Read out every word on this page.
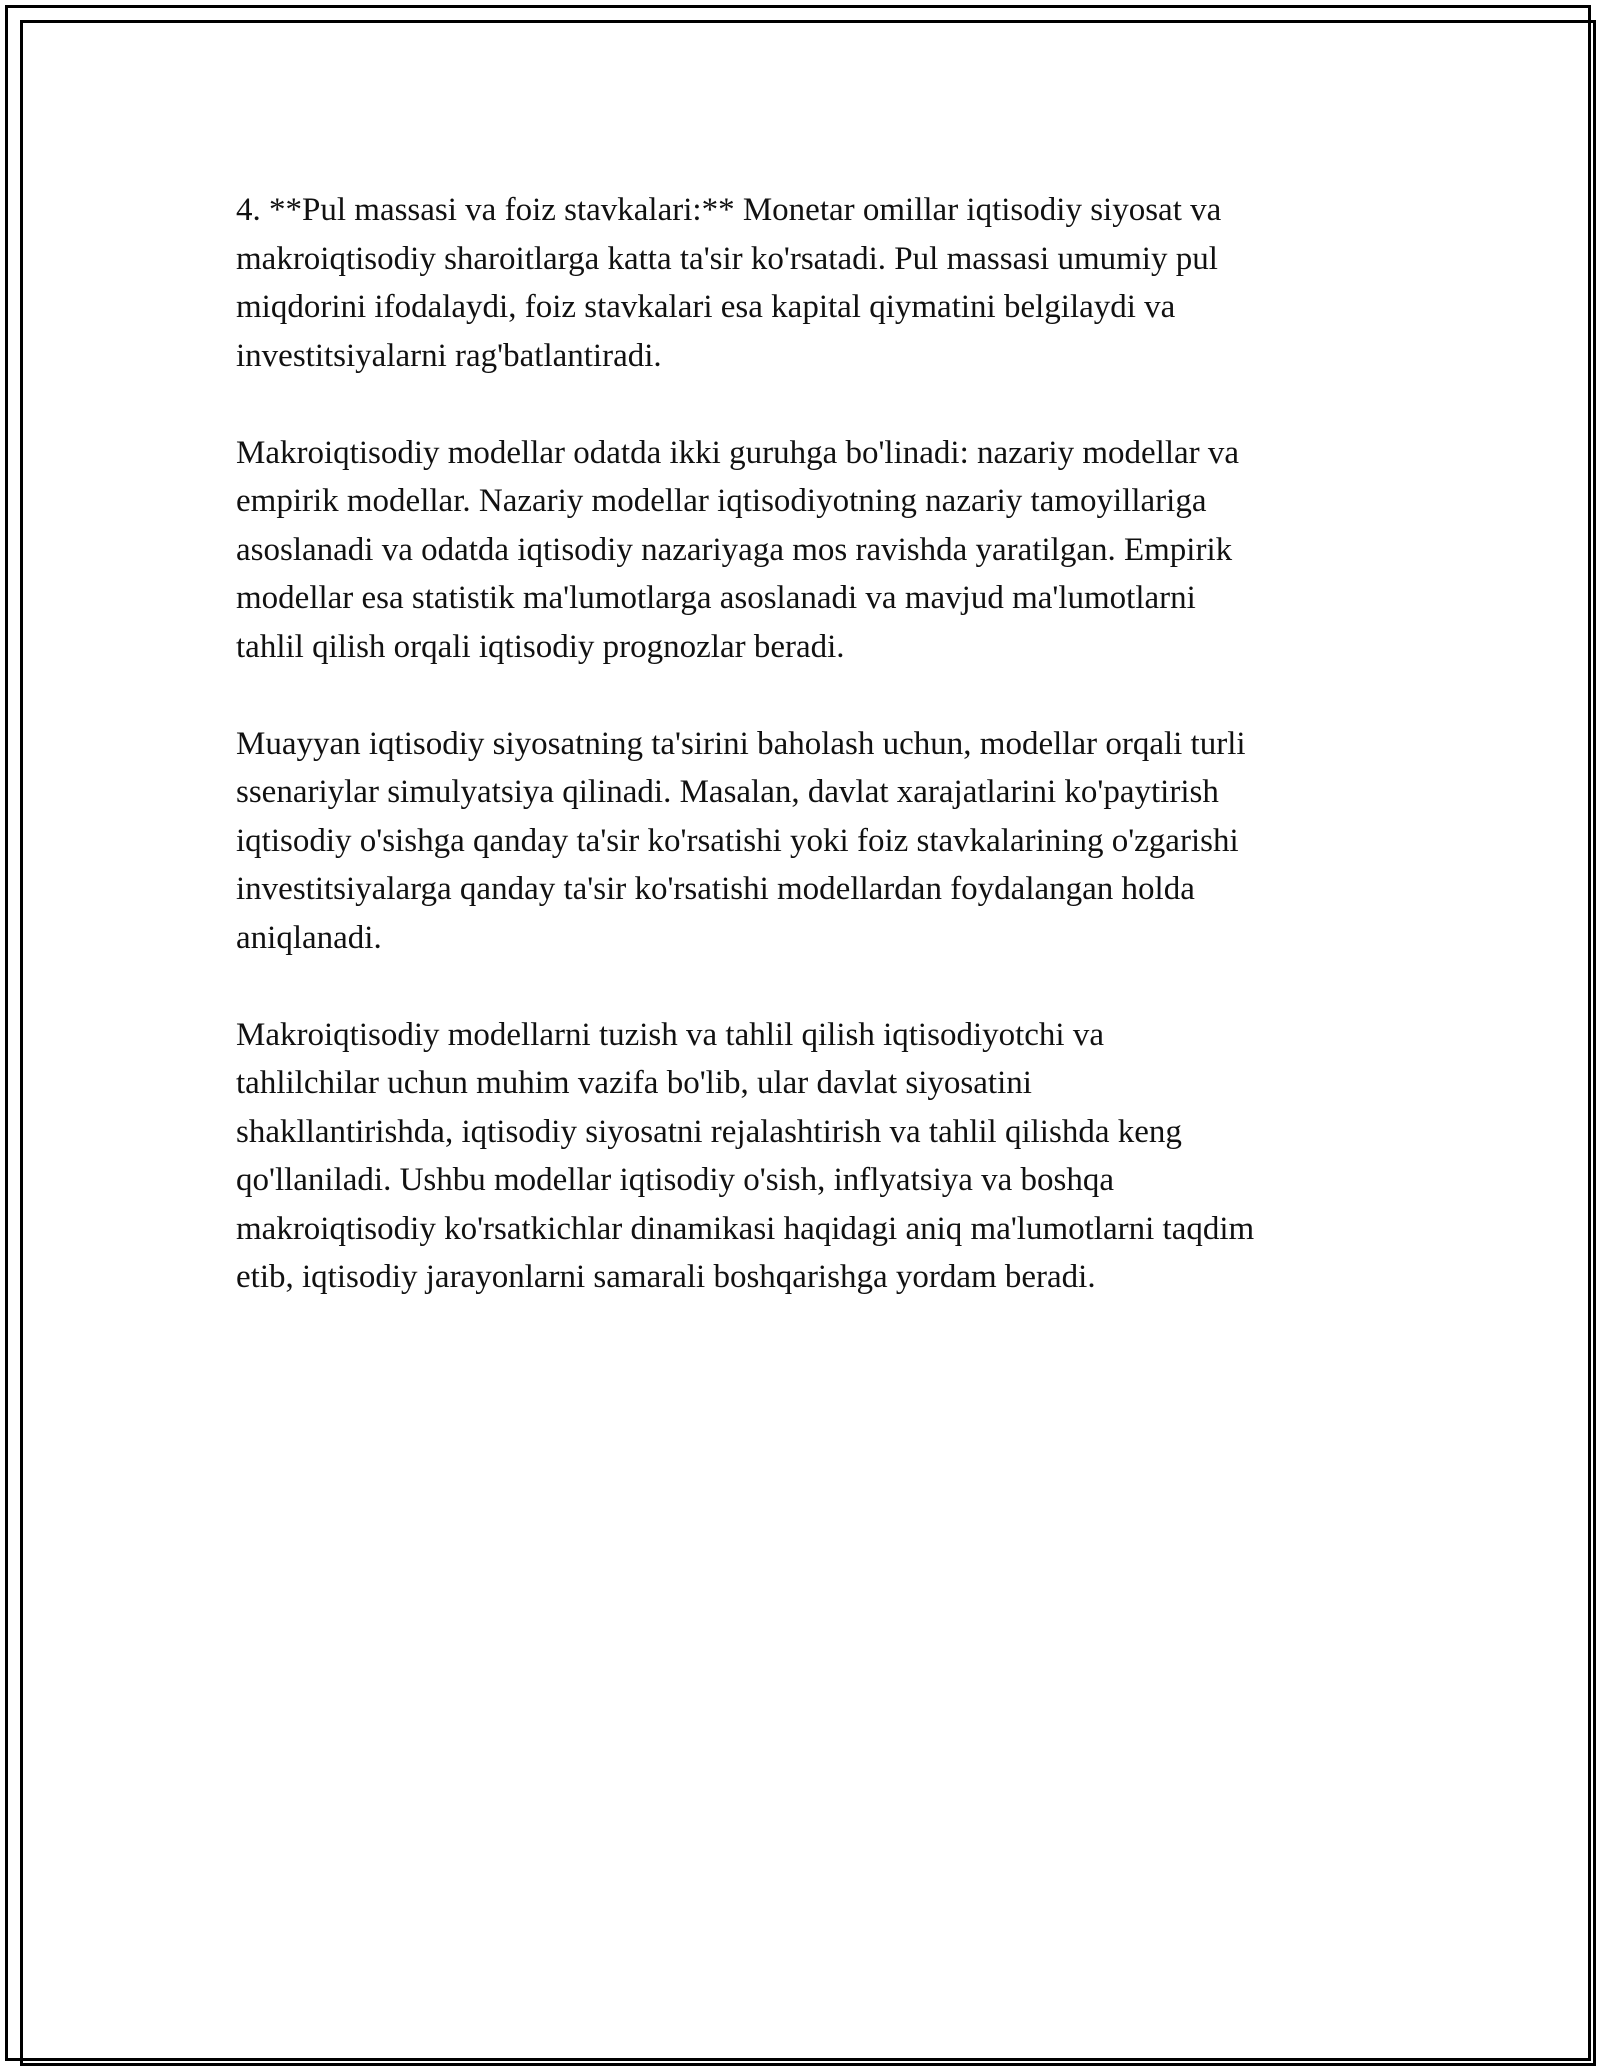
4. **Pul massasi va foiz stavkalari:** Monetar omillar iqtisodiy siyosat va
makroiqtisodiy sharoitlarga katta ta'sir ko'rsatadi. Pul massasi umumiy pul
miqdorini ifodalaydi, foiz stavkalari esa kapital qiymatini belgilaydi va
investitsiyalarni rag'batlantiradi.

Makroiqtisodiy modellar odatda ikki guruhga bo'linadi: nazariy modellar va
empirik modellar. Nazariy modellar iqtisodiyotning nazariy tamoyillariga
asoslanadi va odatda iqtisodiy nazariyaga mos ravishda yaratilgan. Empirik
modellar esa statistik ma'lumotlarga asoslanadi va mavjud ma'lumotlarni
tahlil qilish orqali iqtisodiy prognozlar beradi.

Muayyan iqtisodiy siyosatning ta'sirini baholash uchun, modellar orqali turli
ssenariylar simulyatsiya qilinadi. Masalan, davlat xarajatlarini ko'paytirish
iqtisodiy o'sishga qanday ta'sir ko'rsatishi yoki foiz stavkalarining o'zgarishi
investitsiyalarga qanday ta'sir ko'rsatishi modellardan foydalangan holda
aniqlanadi.

Makroiqtisodiy modellarni tuzish va tahlil qilish iqtisodiyotchi va
tahlilchilar uchun muhim vazifa bo'lib, ular davlat siyosatini
shakllantirishda, iqtisodiy siyosatni rejalashtirish va tahlil qilishda keng
qo'llaniladi. Ushbu modellar iqtisodiy o'sish, inflyatsiya va boshqa
makroiqtisodiy ko'rsatkichlar dinamikasi haqidagi aniq ma'lumotlarni taqdim
etib, iqtisodiy jarayonlarni samarali boshqarishga yordam beradi.
